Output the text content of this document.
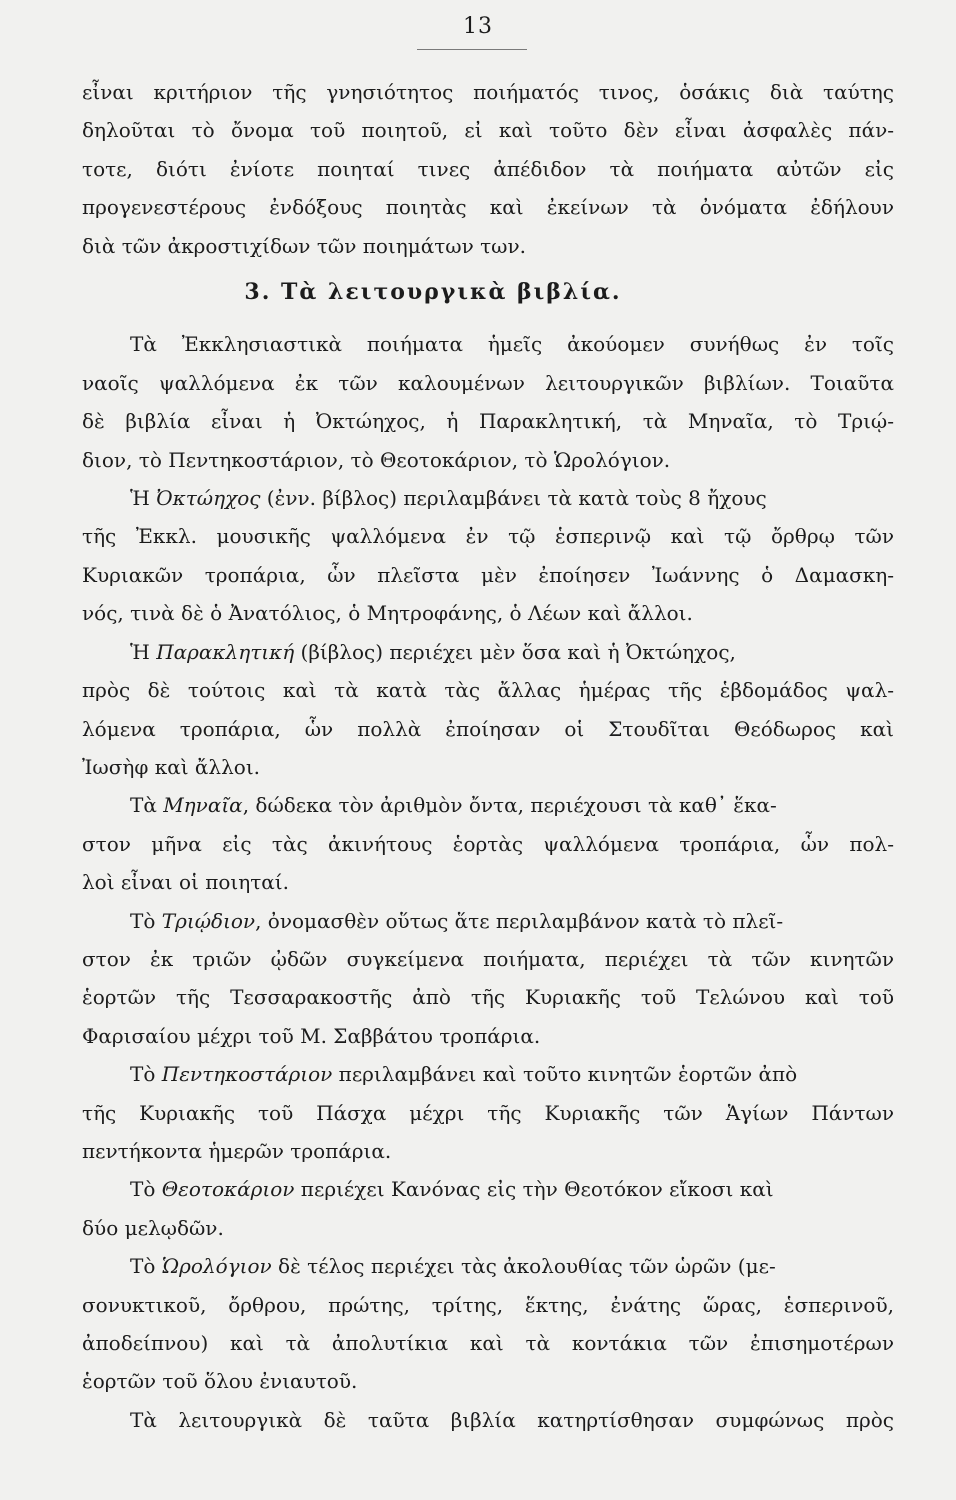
13
εἶναι κριτήριον τῆς γνησιότητος ποιήματός τινος, ὁσάκις διὰ ταύτης
δηλοῦται τὸ ὄνομα τοῦ ποιητοῦ, εἰ καὶ τοῦτο δὲν εἶναι ἀσφαλὲς πάν-
τοτε, διότι ἐνίοτε ποιηταί τινες ἀπέδιδον τὰ ποιήματα αὐτῶν εἰς
προγενεστέρους ἐνδόξους ποιητὰς καὶ ἐκείνων τὰ ὀνόματα ἐδήλουν
διὰ τῶν ἀκροστιχίδων τῶν ποιημάτων των.
3. Τὰ λειτουργικὰ βιβλία.
Τὰ Ἐκκλησιαστικὰ ποιήματα ἡμεῖς ἀκούομεν συνήθως ἐν τοῖς
ναοῖς ψαλλόμενα ἐκ τῶν καλουμένων λειτουργικῶν βιβλίων. Τοιαῦτα
δὲ βιβλία εἶναι ἡ Ὀκτώηχος, ἡ Παρακλητική, τὰ Μηναῖα, τὸ Τριῴ-
διον, τὸ Πεντηκοστάριον, τὸ Θεοτοκάριον, τὸ Ὡρολόγιον.
Ἡ Ὀκτώηχος (ἐνν. βίβλος) περιλαμβάνει τὰ κατὰ τοὺς 8 ἤχους
τῆς Ἐκκλ. μουσικῆς ψαλλόμενα ἐν τῷ ἑσπερινῷ καὶ τῷ ὄρθρῳ τῶν
Κυριακῶν τροπάρια, ὧν πλεῖστα μὲν ἐποίησεν Ἰωάννης ὁ Δαμασκη-
νός, τινὰ δὲ ὁ Ἀνατόλιος, ὁ Μητροφάνης, ὁ Λέων καὶ ἄλλοι.
Ἡ Παρακλητική (βίβλος) περιέχει μὲν ὅσα καὶ ἡ Ὀκτώηχος,
πρὸς δὲ τούτοις καὶ τὰ κατὰ τὰς ἄλλας ἡμέρας τῆς ἑβδομάδος ψαλ-
λόμενα τροπάρια, ὧν πολλὰ ἐποίησαν οἱ Στουδῖται Θεόδωρος καὶ
Ἰωσὴφ καὶ ἄλλοι.
Τὰ Μηναῖα, δώδεκα τὸν ἀριθμὸν ὄντα, περιέχουσι τὰ καθ᾽ ἕκα-
στον μῆνα εἰς τὰς ἀκινήτους ἑορτὰς ψαλλόμενα τροπάρια, ὧν πολ-
λοὶ εἶναι οἱ ποιηταί.
Τὸ Τριῴδιον, ὀνομασθὲν οὕτως ἅτε περιλαμβάνον κατὰ τὸ πλεῖ-
στον ἐκ τριῶν ᾠδῶν συγκείμενα ποιήματα, περιέχει τὰ τῶν κινητῶν
ἑορτῶν τῆς Τεσσαρακοστῆς ἀπὸ τῆς Κυριακῆς τοῦ Τελώνου καὶ τοῦ
Φαρισαίου μέχρι τοῦ Μ. Σαββάτου τροπάρια.
Τὸ Πεντηκοστάριον περιλαμβάνει καὶ τοῦτο κινητῶν ἑορτῶν ἀπὸ
τῆς Κυριακῆς τοῦ Πάσχα μέχρι τῆς Κυριακῆς τῶν Ἁγίων Πάντων
πεντήκοντα ἡμερῶν τροπάρια.
Τὸ Θεοτοκάριον περιέχει Κανόνας εἰς τὴν Θεοτόκον εἴκοσι καὶ
δύο μελῳδῶν.
Τὸ Ὡρολόγιον δὲ τέλος περιέχει τὰς ἀκολουθίας τῶν ὡρῶν (με-
σονυκτικοῦ, ὄρθρου, πρώτης, τρίτης, ἕκτης, ἐνάτης ὥρας, ἑσπερινοῦ,
ἀποδείπνου) καὶ τὰ ἀπολυτίκια καὶ τὰ κοντάκια τῶν ἐπισημοτέρων
ἑορτῶν τοῦ ὅλου ἐνιαυτοῦ.
Τὰ λειτουργικὰ δὲ ταῦτα βιβλία κατηρτίσθησαν συμφώνως πρὸς
